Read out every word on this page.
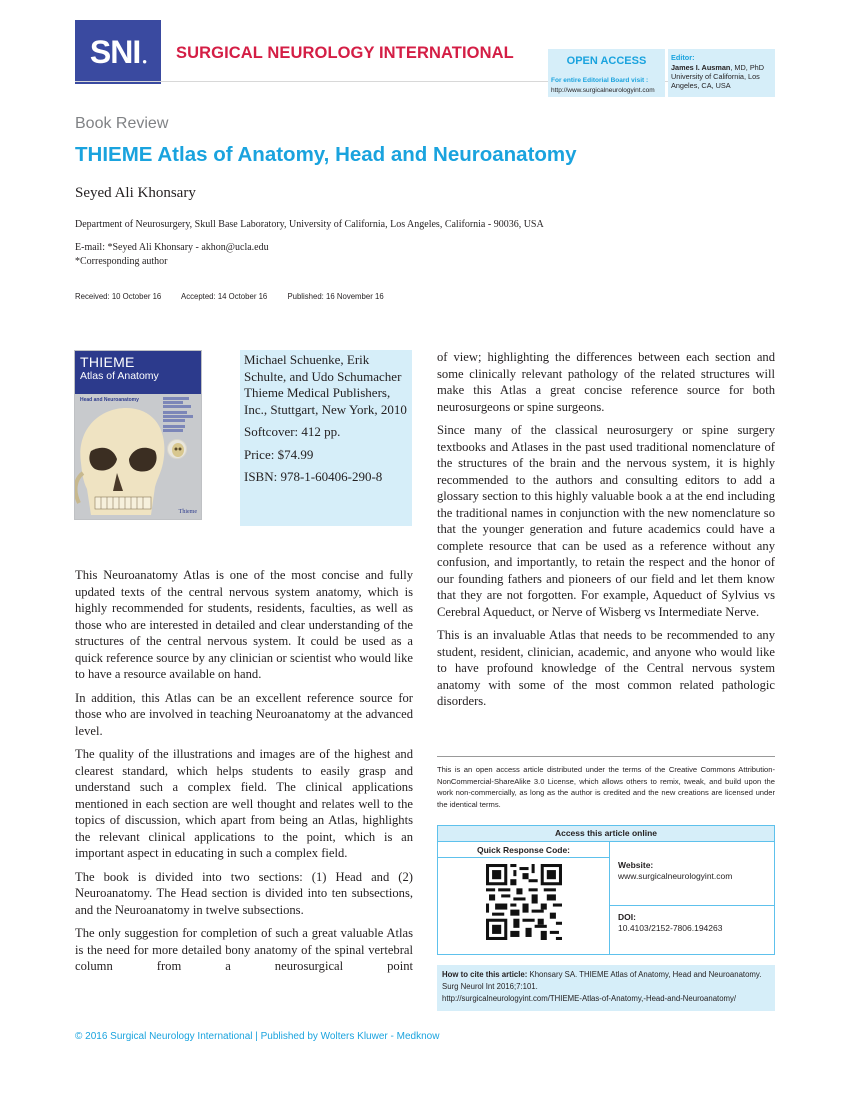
SNI ● SURGICAL NEUROLOGY INTERNATIONAL	OPEN ACCESS
For entire Editorial Board visit :
http://www.surgicalneurologyint.com
Editor:
James I. Ausman, MD, PhD University of California, Los Angeles, CA, USA
Book Review
THIEME Atlas of Anatomy, Head and Neuroanatomy
Seyed Ali Khonsary
Department of Neurosurgery, Skull Base Laboratory, University of California, Los Angeles, California - 90036, USA
E-mail: *Seyed Ali Khonsary - akhon@ucla.edu
*Corresponding author
Received: 10 October 16	Accepted: 14 October 16	Published: 16 November 16
THIEME
Atlas of Anatomy
Head and Neuroanatomy
Thieme

Michael Schuenke, Erik Schulte, and Udo Schumacher

Thieme Medical Publishers, Inc., Stuttgart, New York, 2010

Softcover: 412 pp.

Price: $74.99

ISBN: 978-1-60406-290-8

This Neuroanatomy Atlas is one of the most concise and fully updated texts of the central nervous system anatomy, which is highly recommended for students, residents, faculties, as well as those who are interested in detailed and clear understanding of the structures of the central nervous system. It could be used as a quick reference source by any clinician or scientist who would like to have a resource available on hand.

In addition, this Atlas can be an excellent reference source for those who are involved in teaching Neuroanatomy at the advanced level.

The quality of the illustrations and images are of the highest and clearest standard, which helps students to easily grasp and understand such a complex field. The clinical applications mentioned in each section are well thought and relates well to the topics of discussion, which apart from being an Atlas, highlights the relevant clinical applications to the point, which is an important aspect in educating in such a complex field.

The book is divided into two sections: (1) Head and (2) Neuroanatomy. The Head section is divided into ten subsections, and the Neuroanatomy in twelve subsections.

The only suggestion for completion of such a great valuable Atlas is the need for more detailed bony anatomy of the spinal vertebral column from a neurosurgical point

of view; highlighting the differences between each section and some clinically relevant pathology of the related structures will make this Atlas a great concise reference source for both neurosurgeons or spine surgeons.

Since many of the classical neurosurgery or spine surgery textbooks and Atlases in the past used traditional nomenclature of the structures of the brain and the nervous system, it is highly recommended to the authors and consulting editors to add a glossary section to this highly valuable book a at the end including the traditional names in conjunction with the new nomenclature so that the younger generation and future academics could have a complete resource that can be used as a reference without any confusion, and importantly, to retain the respect and the honor of our founding fathers and pioneers of our field and let them know that they are not forgotten. For example, Aqueduct of Sylvius vs Cerebral Aqueduct, or Nerve of Wisberg vs Intermediate Nerve.

This is an invaluable Atlas that needs to be recommended to any student, resident, clinician, academic, and anyone who would like to have profound knowledge of the Central nervous system anatomy with some of the most common related pathologic disorders.

This is an open access article distributed under the terms of the Creative Commons Attribution-NonCommercial-ShareAlike 3.0 License, which allows others to remix, tweak, and build upon the work non-commercially, as long as the author is credited and the new creations are licensed under the identical terms.
Access this article online
Quick Response Code:
Website:
www.surgicalneurologyint.com
DOI:
10.4103/2152-7806.194263
How to cite this article: Khonsary SA. THIEME Atlas of Anatomy, Head and Neuroanatomy. Surg Neurol Int 2016;7:101.
http://surgicalneurologyint.com/THIEME-Atlas-of-Anatomy,-Head-and-Neuroanatomy/
© 2016 Surgical Neurology International | Published by Wolters Kluwer - Medknow
